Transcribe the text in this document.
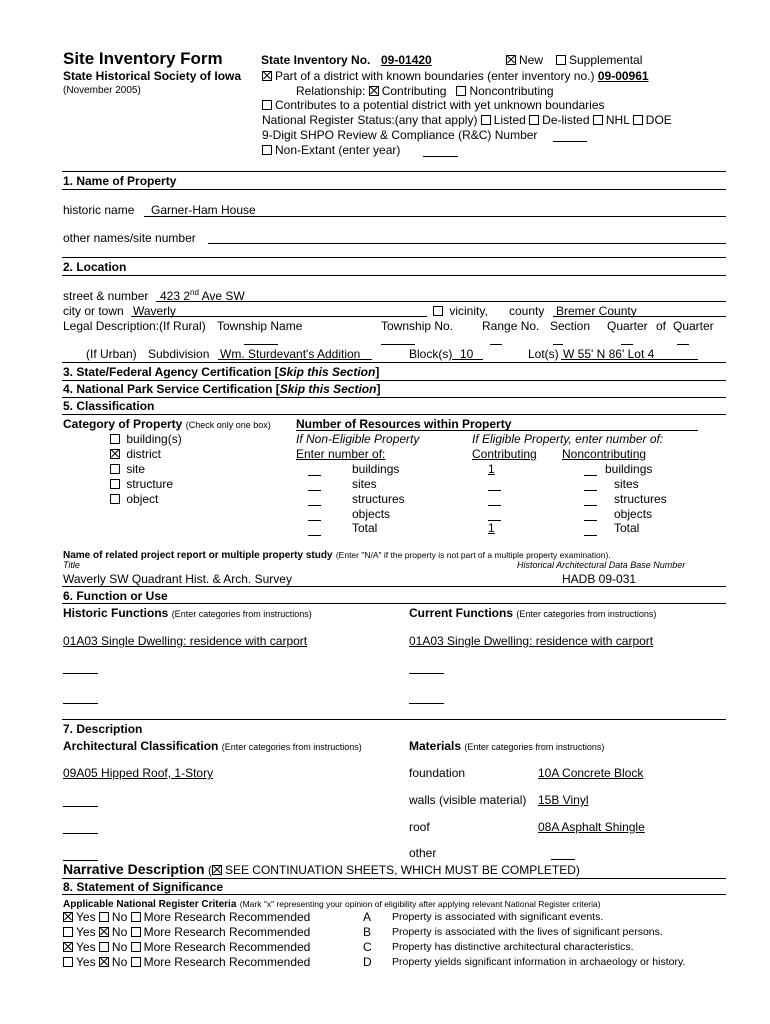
Site Inventory Form
State Historical Society of Iowa
(November 2005)
State Inventory No. 09-01420	New	Supplemental
Part of a district with known boundaries (enter inventory no.) 09-00961
Relationship: Contributing Noncontributing
Contributes to a potential district with yet unknown boundaries
National Register Status:(any that apply) Listed De-listed NHL DOE
9-Digit SHPO Review & Compliance (R&C) Number
Non-Extant (enter year)
1. Name of Property
historic name Garner-Ham House
other names/site number
2. Location
street & number 423 2nd Ave SW
city or town Waverly	vicinity, county Bremer County
Legal Description:(If Rural) Township Name	Township No. Range No. Section Quarter of Quarter
(If Urban) Subdivision Wm. Sturdevant's Addition	Block(s) 10	Lot(s) W 55' N 86' Lot 4
3. State/Federal Agency Certification [Skip this Section]
4. National Park Service Certification [Skip this Section]
5. Classification
Category of Property (Check only one box)
building(s)
district
site
structure
object
Number of Resources within Property
If Non-Eligible Property	If Eligible Property, enter number of:
Enter number of:	Contributing Noncontributing
buildings	1	buildings
sites	sites
structures	structures
objects	objects
Total	1	Total
Name of related project report or multiple property study (Enter "N/A" if the property is not part of a multiple property examination).
Title	Historical Architectural Data Base Number
Waverly SW Quadrant Hist. & Arch. Survey	HADB 09-031
6. Function or Use
Historic Functions (Enter categories from instructions)	Current Functions (Enter categories from instructions)
01A03 Single Dwelling: residence with carport	01A03 Single Dwelling: residence with carport
7. Description
Architectural Classification (Enter categories from instructions)	Materials (Enter categories from instructions)
09A05 Hipped Roof, 1-Story	foundation	10A Concrete Block
walls (visible material) 15B Vinyl
roof	08A Asphalt Shingle
other
Narrative Description ( SEE CONTINUATION SHEETS, WHICH MUST BE COMPLETED)
8. Statement of Significance
Applicable National Register Criteria (Mark "x" representing your opinion of eligibility after applying relevant National Register criteria)
Yes No More Research Recommended	A Property is associated with significant events.
Yes No More Research Recommended	B Property is associated with the lives of significant persons.
Yes No More Research Recommended	C Property has distinctive architectural characteristics.
Yes No More Research Recommended	D Property yields significant information in archaeology or history.
